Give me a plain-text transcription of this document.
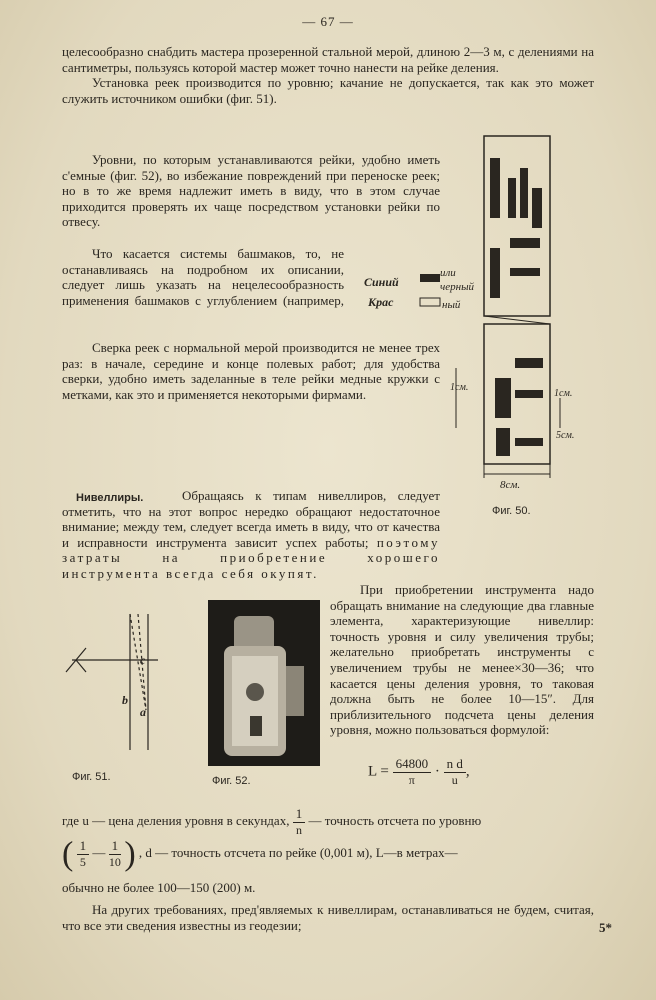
— 67 —

целесообразно снабдить мастера прозеренной стальной мерой, длиною 2—3 м, с делениями на сантиметры, пользуясь которой мастер может точно нанести на рейке деления.

Установка реек производится по уровню; качание не допускается, так как это может служить источником ошибки (фиг. 51).

Уровни, по которым устанавливаются рейки, удобно иметь с'емные (фиг. 52), во избежание повреждений при переноске реек; но в то же время надлежит иметь в виду, что в этом случае приходится проверять их чаще посредством установки рейки по отвесу.

Что касается системы башмаков, то, не останавливаясь на подробном их описании, следует лишь указать на нецелесообразность применения башмаков с углублением (например,

Сверка реек с нормальной мерой производится не менее трех раз: в начале, середине и конце полевых работ; для удобства сверки, удобно иметь заделанные в теле рейки медные кружки с метками, как это и применяется некоторыми фирмами.

Нивеллиры.	Обращаясь к типам нивеллиров, следует отметить, что на этот вопрос нередко обращают недостаточное внимание; между тем, следует всегда иметь в виду, что от качества и исправности инструмента зависит успех работы; поэтому затраты на приобретение хорошего инструмента всегда себя окупят.

При приобретении инструмента надо обращать внимание на следующие два главные элемента, характеризующие нивеллир: точность уровня и силу увеличения трубы; желательно приобретать инструменты с увеличением трубы не менее×30—36; что касается цены деления уровня, то таковая должна быть не более 10—15″. Для приблизительного подсчета цены деления уровня, можно пользоваться формулой:

$L = \frac{64800}{\pi} \cdot \frac{\text{n d}}{u}$ ,
где u — цена деления уровня в секундах, $\frac{1}{n}$ — точность отсчета по уровню
( $\frac{1}{5}$ — $\frac{1}{10}$ ) , d — точность отсчета по рейке (0,001 м), L—в метрах—
обычно не более 100—150 (200) м.

На других требованиях, пред'являемых к нивеллирам, останавливаться не будем, считая, что все эти сведения известны из геодезии;	5*
Синий
или
черный
Крас	ный
1см.
1см.
5см.
8см.
Фиг. 50.
c
b
a
Фиг. 51.	Фиг. 52.
